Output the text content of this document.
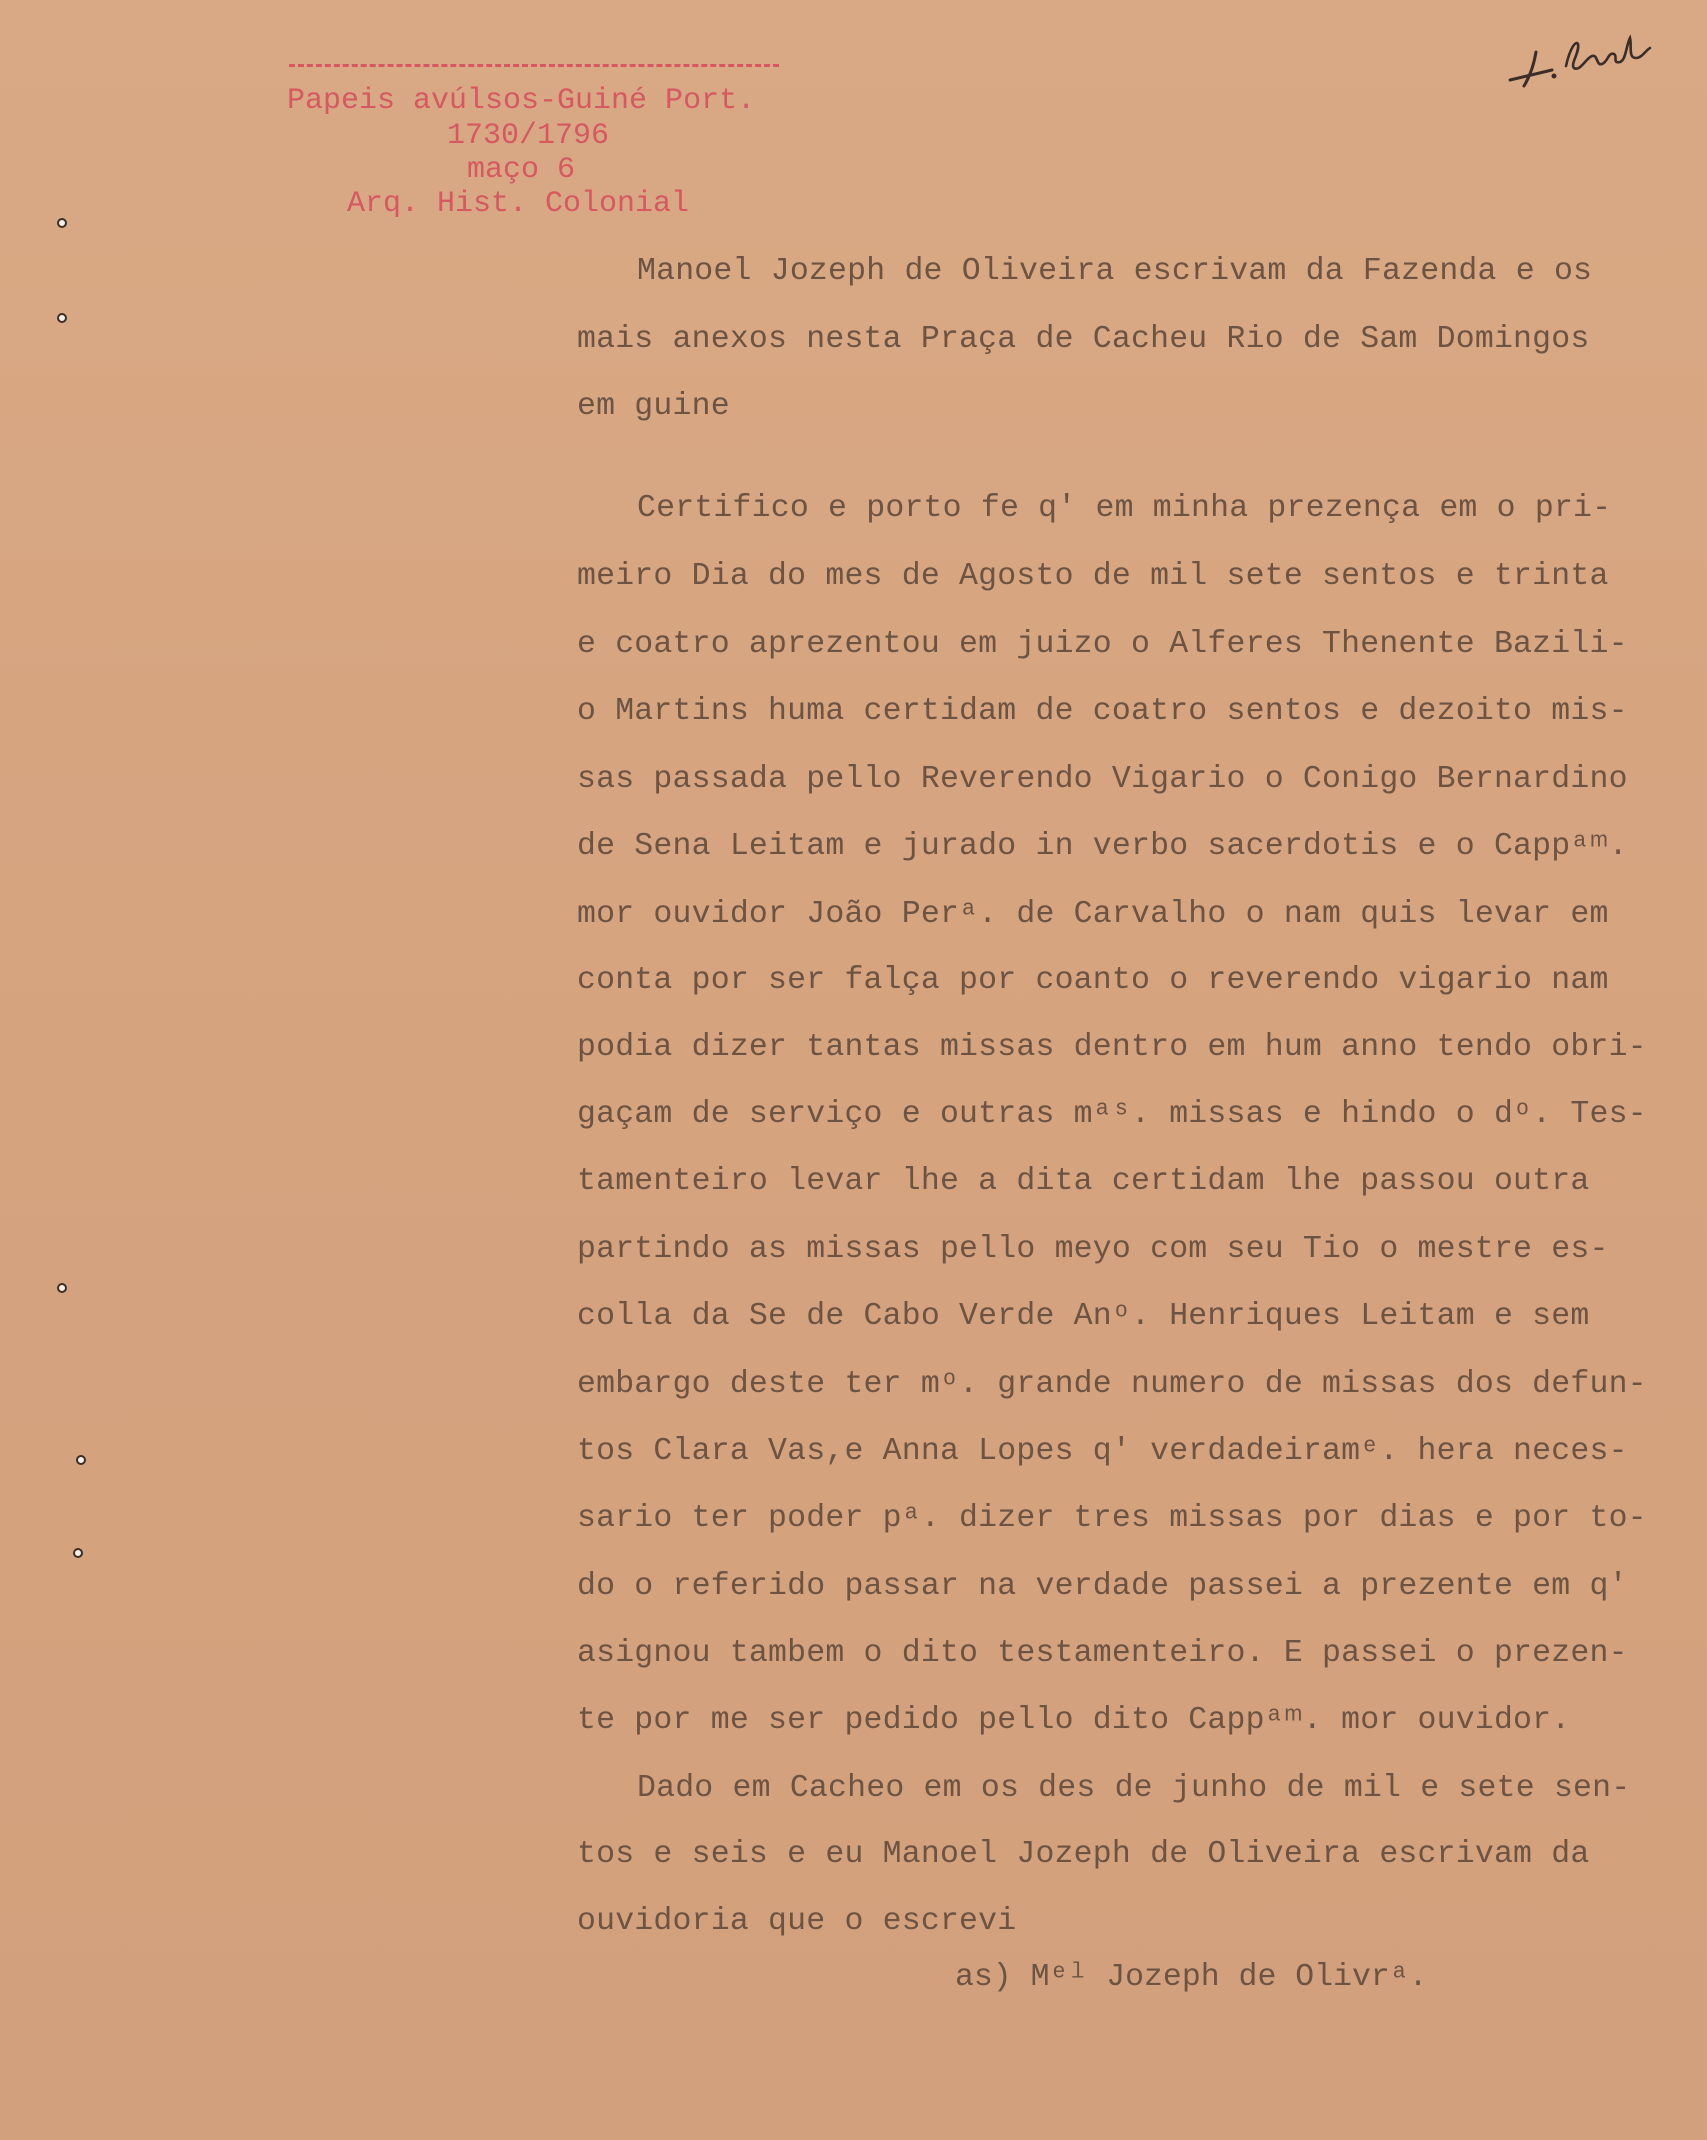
Papeis avúlsos-Guiné Port.
1730/1796
maço 6
Arq. Hist. Colonial
Manoel Jozeph de Oliveira escrivam da Fazenda e os
mais anexos nesta Praça de Cacheu Rio de Sam Domingos
em guine
Certifico e porto fe q' em minha prezença em o pri-
meiro Dia do mes de Agosto de mil sete sentos e trinta
e coatro aprezentou em juizo o Alferes Thenente Bazili-
o Martins huma certidam de coatro sentos e dezoito mis-
sas passada pello Reverendo Vigario o Conigo Bernardino
de Sena Leitam e jurado in verbo sacerdotis e o Cappᵃᵐ.
mor ouvidor João Perᵃ. de Carvalho o nam quis levar em
conta por ser falça por coanto o reverendo vigario nam
podia dizer tantas missas dentro em hum anno tendo obri-
gaçam de serviço e outras mᵃˢ. missas e hindo o dᵒ. Tes-
tamenteiro levar lhe a dita certidam lhe passou outra
partindo as missas pello meyo com seu Tio o mestre es-
colla da Se de Cabo Verde Anᵒ. Henriques Leitam e sem
embargo deste ter mᵒ. grande numero de missas dos defun-
tos Clara Vas,e Anna Lopes q' verdadeiramᵉ. hera neces-
sario ter poder pᵃ. dizer tres missas por dias e por to-
do o referido passar na verdade passei a prezente em q'
asignou tambem o dito testamenteiro. E passei o prezen-
te por me ser pedido pello dito Cappᵃᵐ. mor ouvidor.
Dado em Cacheo em os des de junho de mil e sete sen-
tos e seis e eu Manoel Jozeph de Oliveira escrivam da
ouvidoria que o escrevi
as) Mᵉˡ Jozeph de Olivrᵃ.
